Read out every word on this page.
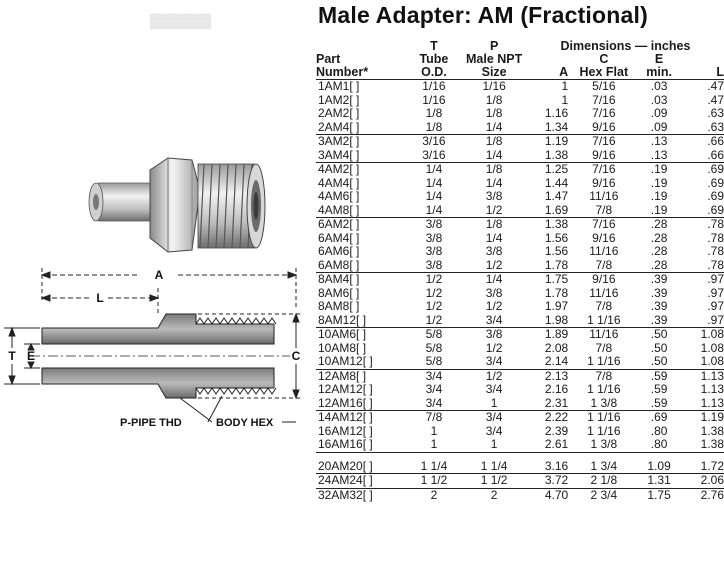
▓▓▓▓▓▓	Male Adapter: AM (Fractional)
A
L
T E	C
P-PIPE THD	BODY HEX
	T	P	Dimensions — inches			
Part	Tube	Male NPT		C	E	
Number*	O.D.	Size	A	Hex Flat	min.	L
1AM1[ ]	1/16	1/16	1	5/16	.03	.47
1AM2[ ]	1/16	1/8	1	7/16	.03	.47
2AM2[ ]	1/8	1/8	1.16	7/16	.09	.63
2AM4[ ]	1/8	1/4	1.34	9/16	.09	.63
3AM2[ ]	3/16	1/8	1.19	7/16	.13	.66
3AM4[ ]	3/16	1/4	1.38	9/16	.13	.66
4AM2[ ]	1/4	1/8	1.25	7/16	.19	.69
4AM4[ ]	1/4	1/4	1.44	9/16	.19	.69
4AM6[ ]	1/4	3/8	1.47	11/16	.19	.69
4AM8[ ]	1/4	1/2	1.69	7/8	.19	.69
6AM2[ ]	3/8	1/8	1.38	7/16	.28	.78
6AM4[ ]	3/8	1/4	1.56	9/16	.28	.78
6AM6[ ]	3/8	3/8	1.56	11/16	.28	.78
6AM8[ ]	3/8	1/2	1.78	7/8	.28	.78
8AM4[ ]	1/2	1/4	1.75	9/16	.39	.97
8AM6[ ]	1/2	3/8	1.78	11/16	.39	.97
8AM8[ ]	1/2	1/2	1.97	7/8	.39	.97
8AM12[ ]	1/2	3/4	1.98	1 1/16	.39	.97
10AM6[ ]	5/8	3/8	1.89	11/16	.50	1.08
10AM8[ ]	5/8	1/2	2.08	7/8	.50	1.08
10AM12[ ]	5/8	3/4	2.14	1 1/16	.50	1.08
12AM8[ ]	3/4	1/2	2.13	7/8	.59	1.13
12AM12[ ]	3/4	3/4	2.16	1 1/16	.59	1.13
12AM16[ ]	3/4	1	2.31	1 3/8	.59	1.13
14AM12[ ]	7/8	3/4	2.22	1 1/16	.69	1.19
16AM12[ ]	1	3/4	2.39	1 1/16	.80	1.38
16AM16[ ]	1	1	2.61	1 3/8	.80	1.38

20AM20[ ]	1 1/4	1 1/4	3.16	1 3/4	1.09	1.72
24AM24[ ]	1 1/2	1 1/2	3.72	2 1/8	1.31	2.06
32AM32[ ]	2	2	4.70	2 3/4	1.75	2.76
